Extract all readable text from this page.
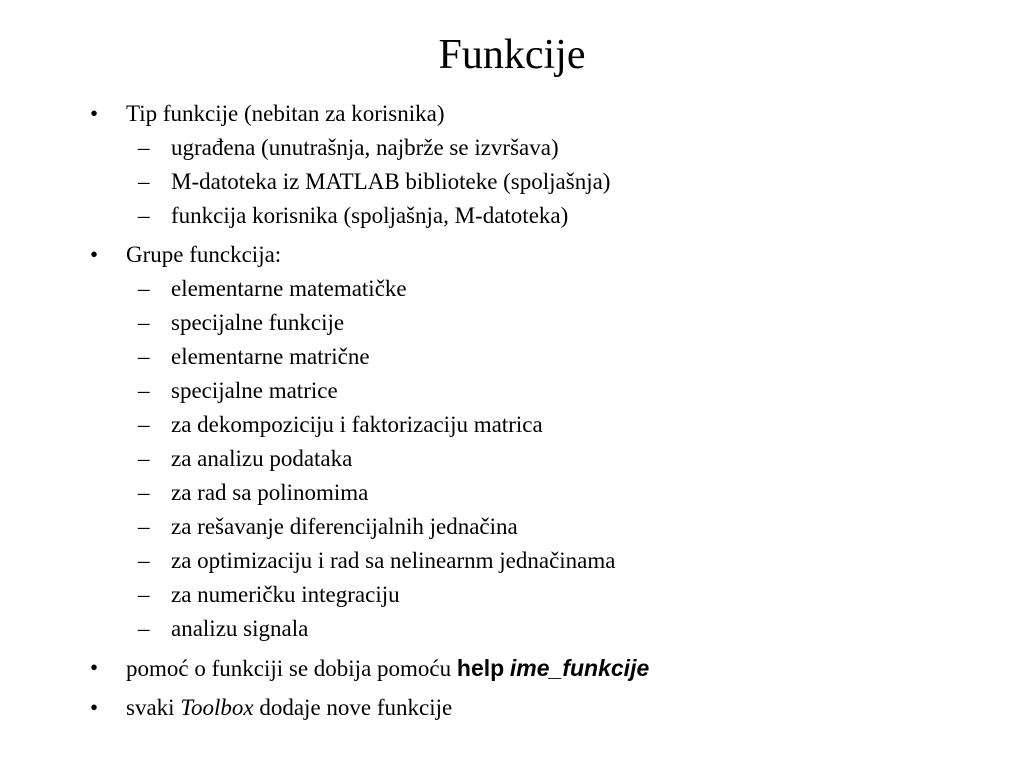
Funkcije
• Tip funkcije (nebitan za korisnika)
– ugrađena (unutrašnja, najbrže se izvršava)
– M-datoteka iz MATLAB biblioteke (spoljašnja)
– funkcija korisnika (spoljašnja, M-datoteka)
• Grupe funckcija:
– elementarne matematičke
– specijalne funkcije
– elementarne matrične
– specijalne matrice
– za dekompoziciju i faktorizaciju matrica
– za analizu podataka
– za rad sa polinomima
– za rešavanje diferencijalnih jednačina
– za optimizaciju i rad sa nelinearnm jednačinama
– za numeričku integraciju
– analizu signala
• pomoć o funkciji se dobija pomoću help ime_funkcije
• svaki Toolbox dodaje nove funkcije
